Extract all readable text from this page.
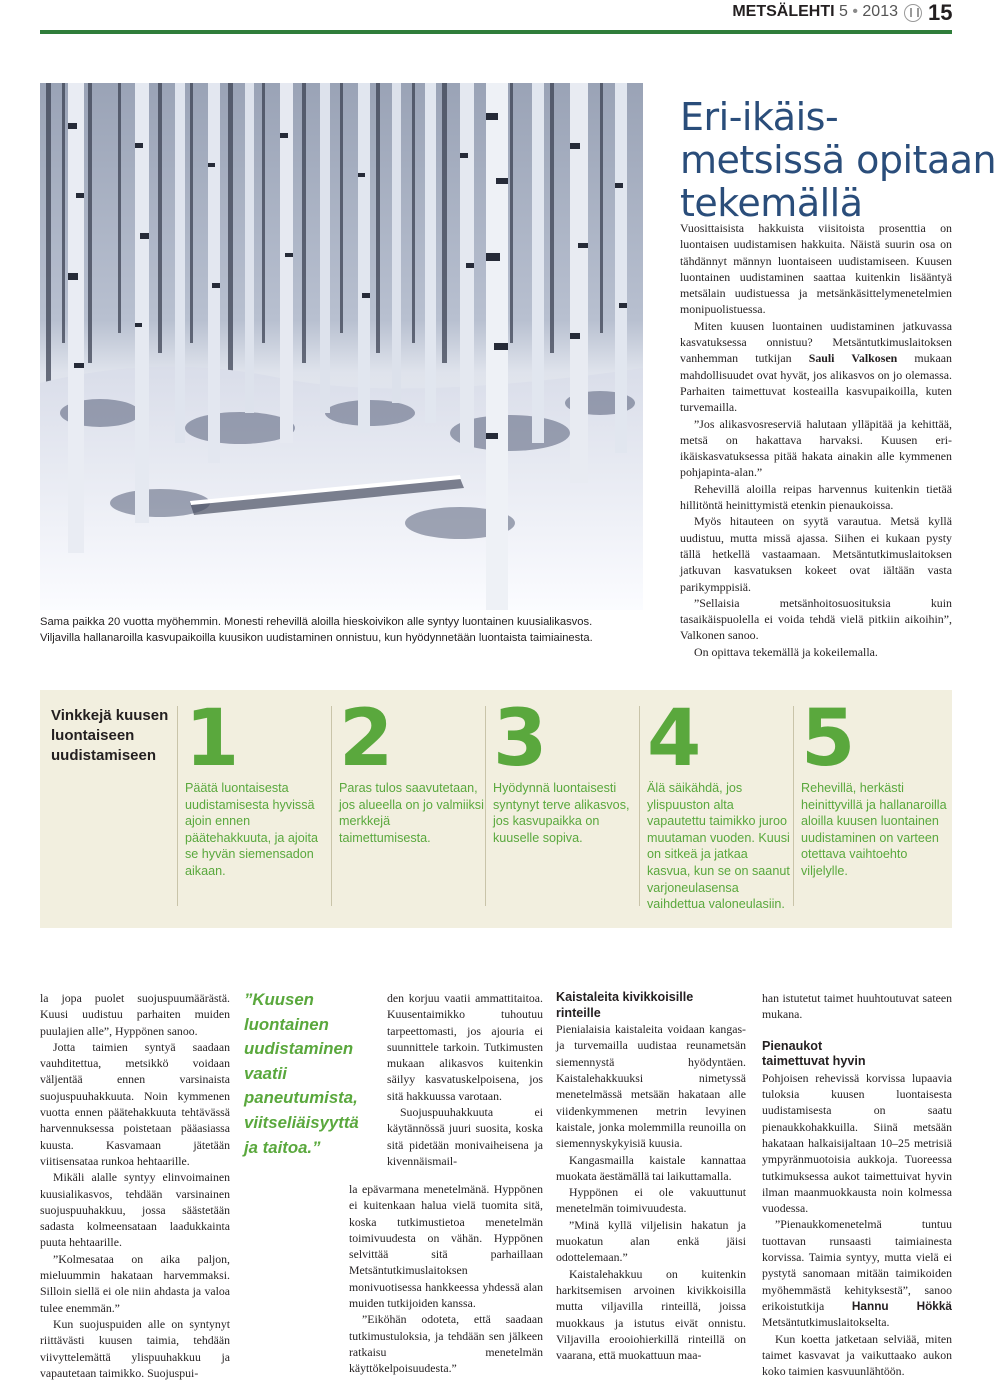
METSÄLEHTI 5 • 2013 15
Sama paikka 20 vuotta myöhemmin. Monesti rehevillä aloilla hieskoivikon alle syntyy luontainen kuusialikasvos.
Viljavilla hallanaroilla kasvupaikoilla kuusikon uudistaminen onnistuu, kun hyödynnetään luontaista taimiainesta.
Eri-ikäis-
metsissä opitaan
tekemällä

Vuosittaisista hakkuista viisitoista prosenttia on luontaisen uudistamisen hakkuita. Näistä suurin osa on tähdännyt männyn luontaiseen uudistamiseen. Kuusen luontainen uudistaminen saattaa kuitenkin lisääntyä metsälain uudistuessa ja metsänkäsittelymenetelmien monipuolistuessa.

Miten kuusen luontainen uudistaminen jatkuvassa kasvatuksessa onnistuu? Metsäntutkimuslaitoksen vanhemman tutkijan Sauli Valkosen mukaan mahdollisuudet ovat hyvät, jos alikasvos on jo olemassa. Parhaiten taimettuvat kosteailla kasvupaikoilla, kuten turvemailla.

”Jos alikasvosreserviä halutaan ylläpitää ja kehittää, metsä on hakattava harvaksi. Kuusen eri-ikäiskasvatuksessa pitää hakata ainakin alle kymmenen pohjapinta-alan.”

Rehevillä aloilla reipas harvennus kuitenkin tietää hillitöntä heinittymistä etenkin pienaukoissa.

Myös hitauteen on syytä varautua. Metsä kyllä uudistuu, mutta missä ajassa. Siihen ei kukaan pysty tällä hetkellä vastaamaan. Metsäntutkimuslaitoksen jatkuvan kasvatuksen kokeet ovat iältään vasta parikymppisiä.

”Sellaisia metsänhoitosuosituksia kuin tasaikäispuolella ei voida tehdä vielä pitkiin aikoihin”, Valkonen sanoo.

On opittava tekemällä ja kokeilemalla.

Vinkkejä kuusen luontaiseen uudistamiseen 1
Päätä luontaisesta uudistamisesta hyvissä ajoin ennen päätehakkuuta, ja ajoita se hyvän siemensadon aikaan.
2
Paras tulos saavutetaan, jos alueella on jo valmiiksi merkkejä taimettumisesta.
3
Hyödynnä luontaisesti syntynyt terve alikasvos, jos kasvupaikka on kuuselle sopiva.
4
Älä säikähdä, jos ylispuuston alta vapautettu taimikko juroo muutaman vuoden. Kuusi on sitkeä ja jatkaa kasvua, kun se on saanut varjoneulasensa vaihdettua valoneulasiin.
5
Rehevillä, herkästi heinittyvillä ja hallanaroilla aloilla kuusen luontainen uudistaminen on varteen otettava vaihtoehto viljelylle.

la jopa puolet suojuspuumäärästä. Kuusi uudistuu parhaiten muiden puulajien alle”, Hyppönen sanoo.

Jotta taimien syntyä saadaan vauhditettua, metsikkö voidaan väljentää ennen varsinaista suojuspuuhakkuuta. Noin kymmenen vuotta ennen päätehakkuuta tehtävässä harvennuksessa poistetaan pääasiassa kuusta. Kasvamaan jätetään viitisensataa runkoa hehtaarille.

Mikäli alalle syntyy elinvoimainen kuusialikasvos, tehdään varsinainen suojuspuuhakkuu, jossa säästetään sadasta kolmeensataan laadukkainta puuta hehtaarille.

”Kolmesataa on aika paljon, mieluummin hakataan harvemmaksi. Silloin siellä ei ole niin ahdasta ja valoa tulee enemmän.”

Kun suojuspuiden alle on syntynyt riittävästi kuusen taimia, tehdään viivyttelemättä ylispuuhakkuu ja vapautetaan taimikko. Suojuspui-

”Kuusen
luontainen
uudistaminen
vaatii
paneutumista,
viitseliäisyyttä
ja taitoa.”

den korjuu vaatii ammattitaitoa. Kuusentaimikko tuhoutuu tarpeettomasti, jos ajouria ei suunnittele tarkoin. Tutkimusten mukaan alikasvos kuitenkin säilyy kasvatuskelpoisena, jos sitä hakkuussa varotaan.

Suojuspuuhakkuuta ei käytännössä juuri suosita, koska sitä pidetään monivaiheisena ja kivennäismail-

la epävarmana menetelmänä. Hyppönen ei kuitenkaan halua vielä tuomita sitä, koska tutkimustietoa menetelmän toimivuudesta on vähän. Hyppönen selvittää sitä parhaillaan Metsäntutkimuslaitoksen monivuotisessa hankkeessa yhdessä alan muiden tutkijoiden kanssa.

”Eiköhän odoteta, että saadaan tutkimustuloksia, ja tehdään sen jälkeen ratkaisu menetelmän käyttökelpoisuudesta.”

Kaistaleita kivikkoisille rinteille

Pienialaisia kaistaleita voidaan kangas- ja turvemailla uudistaa reunametsän siemennystä hyödyntäen. Kaistalehakkuuksi nimetyssä menetelmässä metsään hakataan alle viidenkymmenen metrin levyinen kaistale, jonka molemmilla reunoilla on siemennyskykyisiä kuusia.

Kangasmailla kaistale kannattaa muokata äestämällä tai laikuttamalla.

Hyppönen ei ole vakuuttunut menetelmän toimivuudesta.

”Minä kyllä viljelisin hakatun ja muokatun alan enkä jäisi odottelemaan.”

Kaistalehakkuu on kuitenkin harkitsemisen arvoinen kivikkoisilla mutta viljavilla rinteillä, joissa muokkaus ja istutus eivät onnistu. Viljavilla erooiohierkillä rinteillä on vaarana, että muokattuun maa-

han istutetut taimet huuhtoutuvat sateen mukana.

Pienaukot taimettuvat hyvin

Pohjoisen rehevissä korvissa lupaavia tuloksia kuusen luontaisesta uudistamisesta on saatu pienaukkohakkuilla. Siinä metsään hakataan halkaisijaltaan 10–25 metrisiä ympyränmuotoisia aukkoja. Tuoreessa tutkimuksessa aukot taimettuivat hyvin ilman maanmuokkausta noin kolmessa vuodessa.

”Pienaukkomenetelmä tuntuu tuottavan runsaasti taimiainesta korvissa. Taimia syntyy, mutta vielä ei pystytä sanomaan mitään taimikoiden myöhemmästä kehityksestä”, sanoo erikoistutkija Hannu Hökkä Metsäntutkimuslaitokselta.

Kun koetta jatketaan selviää, miten taimet kasvavat ja vaikuttaako aukon koko taimien kasvuunlähtöön.
